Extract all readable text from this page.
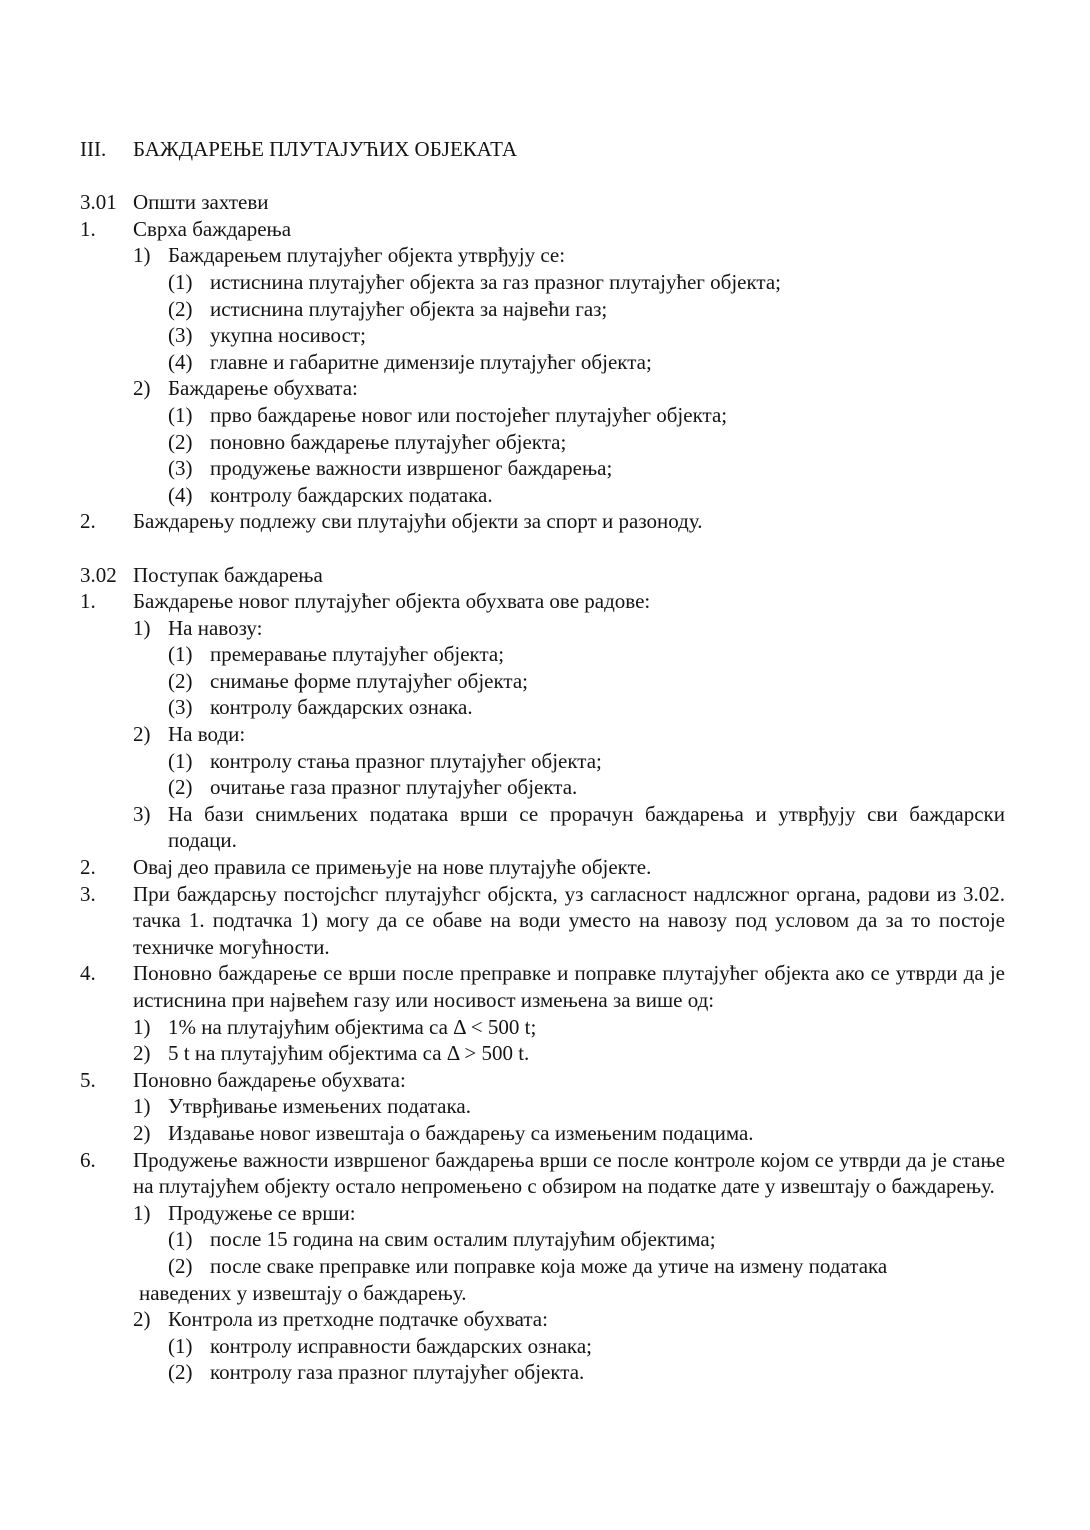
III.	БАЖДАРЕЊЕ ПЛУТАЈУЋИХ ОБЈЕКАТА
3.01 Општи захтеви
1.	Сврха баждарења
1) Баждарењем плутајућег објекта утврђују се:
(1) истиснина плутајућег објекта за газ празног плутајућег објекта;
(2) истиснина плутајућег објекта за највећи газ;
(3) укупна носивост;
(4) главне и габаритне димензије плутајућег објекта;
2) Баждарење обухвата:
(1) прво баждарење новог или постојећег плутајућег објекта;
(2) поновно баждарење плутајућег објекта;
(3) продужење важности извршеног баждарења;
(4) контролу баждарских података.
2.	Баждарењу подлежу сви плутајући објекти за спорт и разоноду.
3.02 Поступак баждарења
1.	Баждарење новог плутајућег објекта обухвата ове радове:
1) На навозу:
(1) премеравање плутајућег објекта;
(2) снимање форме плутајућег објекта;
(3) контролу баждарских ознака.
2) На води:
(1) контролу стања празног плутајућег објекта;
(2) очитање газа празног плутајућег објекта.
3) На бази снимљених података врши се прорачун баждарења и утврђују сви баждарски подаци.
2.	Овај део правила се примењује на нове плутајуће објекте.
3.	При баждарсњу постојсћсг плутајућсг објскта, уз сагласност надлсжног органа, радови из 3.02. тачка 1. подтачка 1) могу да се обаве на води уместо на навозу под условом да за то постоје техничке могућности.
4.	Поновно баждарење се врши после преправке и поправке плутајућег објекта ако се утврди да је истиснина при највећем газу или носивост измењена за више од:
1) 1% на плутајућим објектима са Δ < 500 t;
2) 5 t на плутајућим објектима са Δ > 500 t.
5.	Поновно баждарење обухвата:
1) Утврђивање измењених података.
2) Издавање новог извештаја о баждарењу са измењеним подацима.
6.	Продужење важности извршеног баждарења врши се после контроле којом се утврди да је стање на плутајућем објекту остало непромењено с обзиром на податке дате у извештају о баждарењу.
1) Продужење се врши:
(1) после 15 година на свим осталим плутајућим објектима;
(2) после сваке преправке или поправке која може да утиче на измену података
наведених у извештају о баждарењу.
2) Контрола из претходне подтачке обухвата:
(1) контролу исправности баждарских ознака;
(2) контролу газа празног плутајућег објекта.
